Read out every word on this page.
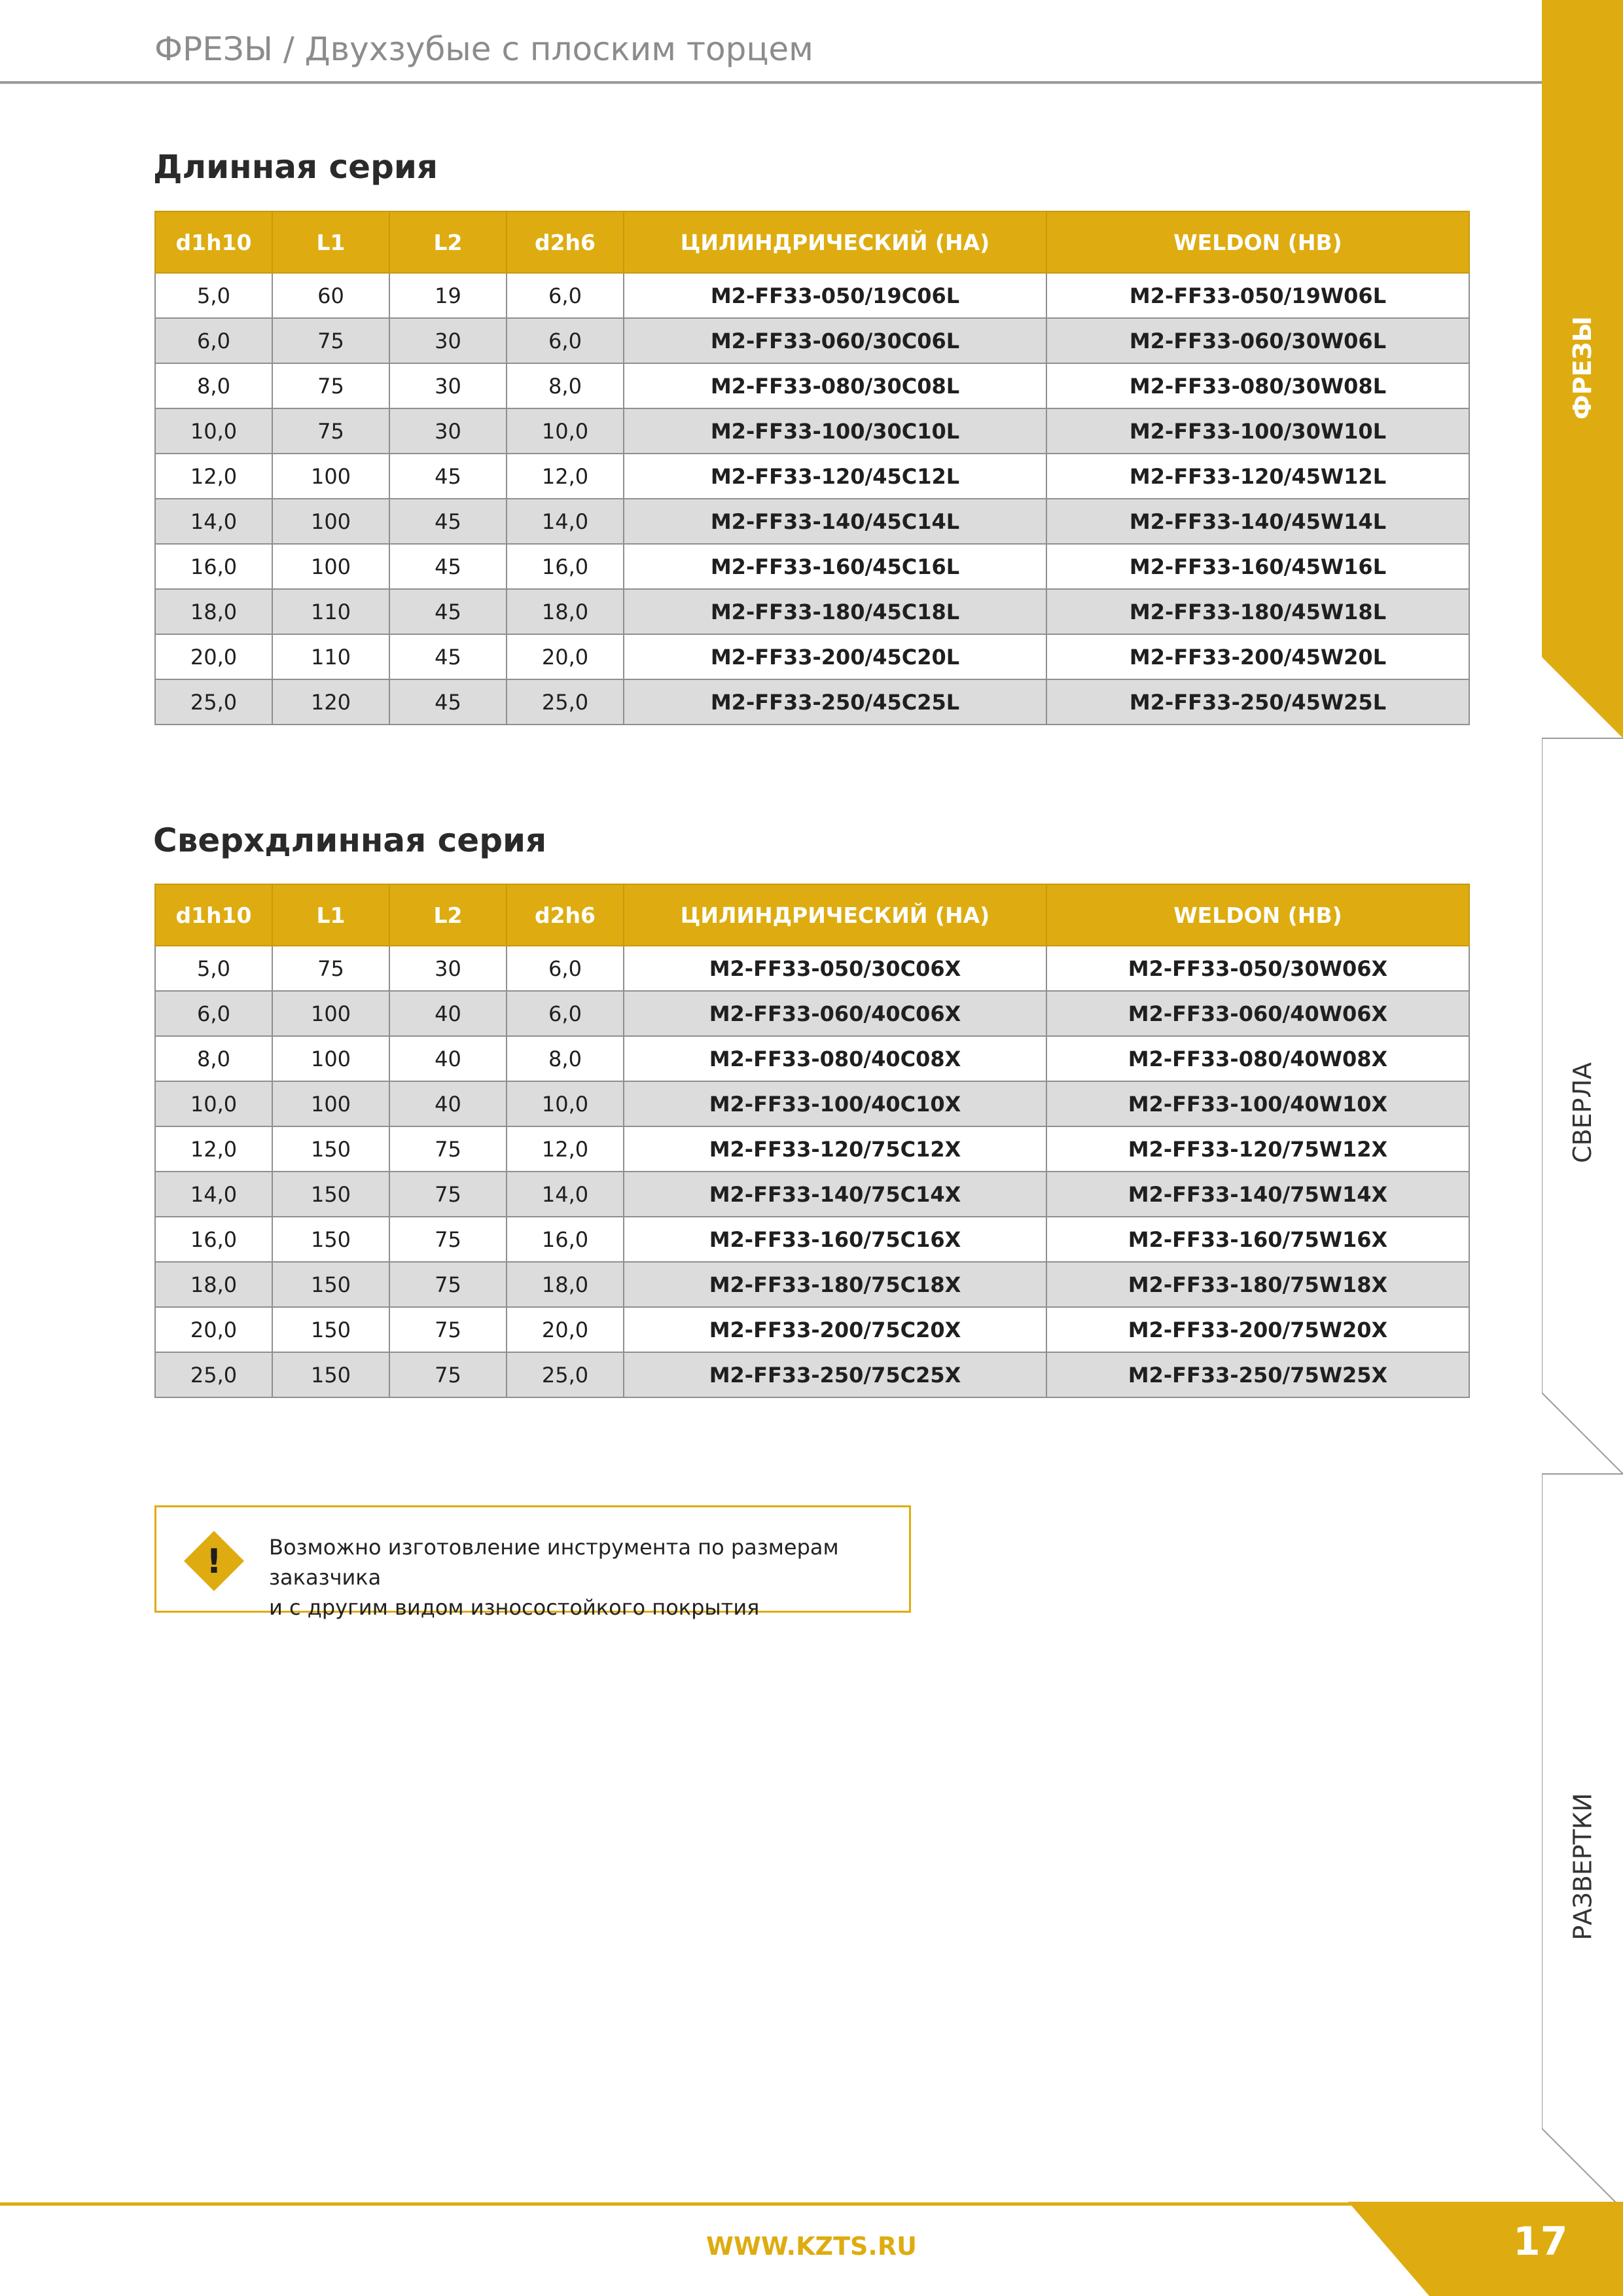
ФРЕЗЫ / Двухзубые с плоским торцем
Длинная серия
d1h10	L1	L2	d2h6	ЦИЛИНДРИЧЕСКИЙ (НА)	WELDON (НВ)
5,0	60	19	6,0	M2-FF33-050/19C06L	M2-FF33-050/19W06L
6,0	75	30	6,0	M2-FF33-060/30C06L	M2-FF33-060/30W06L
8,0	75	30	8,0	M2-FF33-080/30C08L	M2-FF33-080/30W08L
10,0	75	30	10,0	M2-FF33-100/30C10L	M2-FF33-100/30W10L
12,0	100	45	12,0	M2-FF33-120/45C12L	M2-FF33-120/45W12L
14,0	100	45	14,0	M2-FF33-140/45C14L	M2-FF33-140/45W14L
16,0	100	45	16,0	M2-FF33-160/45C16L	M2-FF33-160/45W16L
18,0	110	45	18,0	M2-FF33-180/45C18L	M2-FF33-180/45W18L
20,0	110	45	20,0	M2-FF33-200/45C20L	M2-FF33-200/45W20L
25,0	120	45	25,0	M2-FF33-250/45C25L	M2-FF33-250/45W25L
Сверхдлинная серия
d1h10	L1	L2	d2h6	ЦИЛИНДРИЧЕСКИЙ (НА)	WELDON (НВ)
5,0	75	30	6,0	M2-FF33-050/30C06X	M2-FF33-050/30W06X
6,0	100	40	6,0	M2-FF33-060/40C06X	M2-FF33-060/40W06X
8,0	100	40	8,0	M2-FF33-080/40C08X	M2-FF33-080/40W08X
10,0	100	40	10,0	M2-FF33-100/40C10X	M2-FF33-100/40W10X
12,0	150	75	12,0	M2-FF33-120/75C12X	M2-FF33-120/75W12X
14,0	150	75	14,0	M2-FF33-140/75C14X	M2-FF33-140/75W14X
16,0	150	75	16,0	M2-FF33-160/75C16X	M2-FF33-160/75W16X
18,0	150	75	18,0	M2-FF33-180/75C18X	M2-FF33-180/75W18X
20,0	150	75	20,0	M2-FF33-200/75C20X	M2-FF33-200/75W20X
25,0	150	75	25,0	M2-FF33-250/75C25X	M2-FF33-250/75W25X
! Возможно изготовление инструмента по размерам заказчика
и с другим видом износостойкого покрытия
ФРЕЗЫ
СВЕРЛА
РАЗВЕРТКИ
WWW.KZTS.RU	17
